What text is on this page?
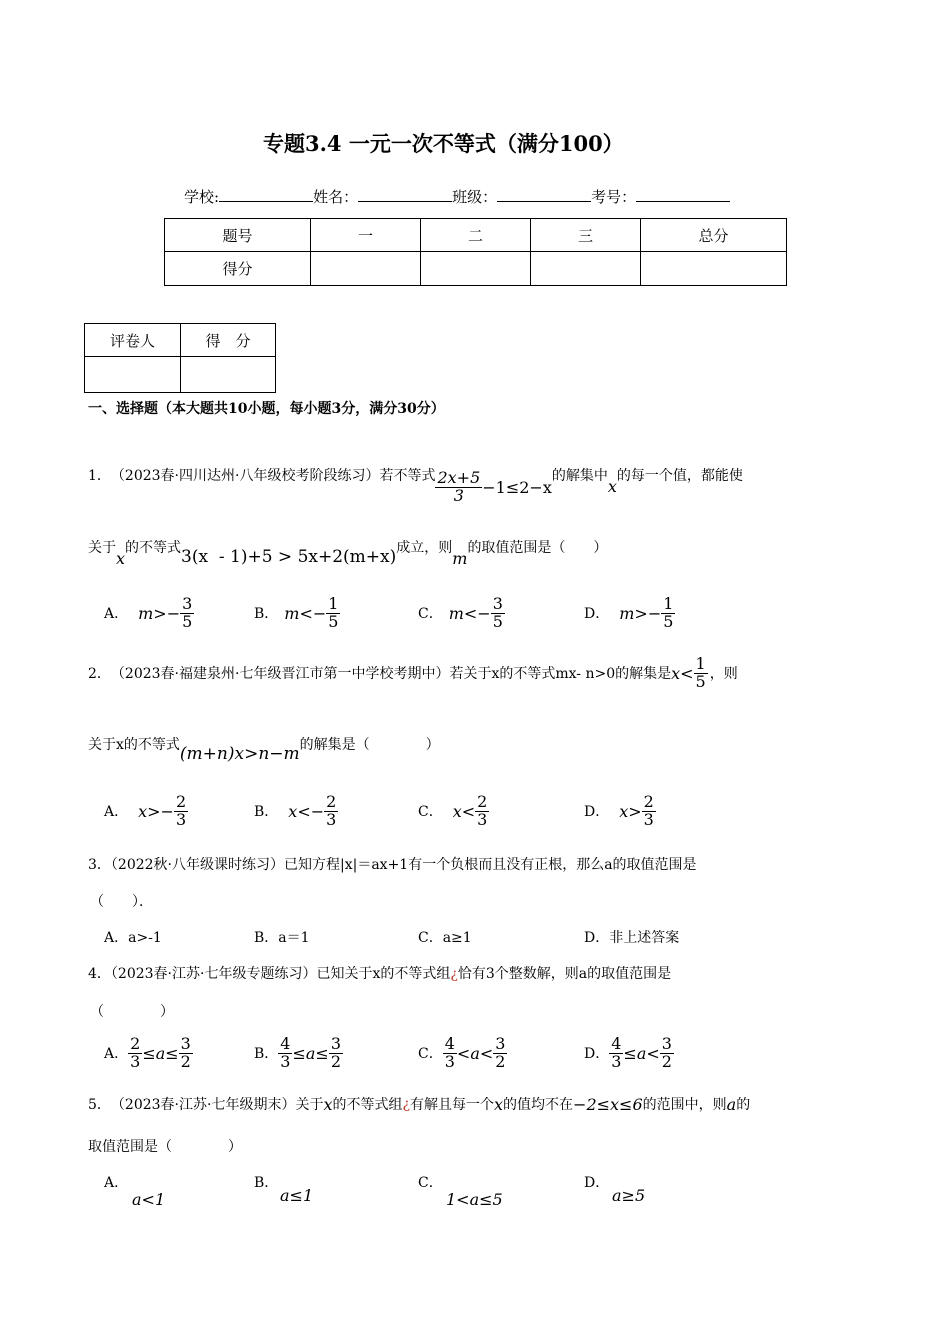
专题3.4 一元一次不等式（满分100）
学校:	姓名：	班级：	考号：
题号	一	二	三	总分
得分				
评卷人	得　分

一、选择题（本大题共10小题，每小题3分，满分30分）
1． （2023春·四川达州·八年级校考阶段练习）若不等式 $\frac{2x+5}{3} -1\le 2-x$
的解集中
x
的每一个值，都能使
关于
x
的不等式 3(x  - 1)+5 > 5x+2(m+x) 成立，则
m
的取值范围是（　　）
A． $m>- \frac{3}{5}$	B． $m<- \frac{1}{5}$	C． $m<- \frac{3}{5}$	D． $m>- \frac{1}{5}$
2． （2023春·福建泉州·七年级晋江市第一中学校考期中）若关于x的不等式mx- n>0的解集是 $x< \frac{1}{5}$ ，则
关于x的不等式 (m+n)x>n−m 的解集是（　　　　）
A． $x>- \frac{2}{3}$	B． $x<- \frac{2}{3}$	C． $x< \frac{2}{3}$	D． $x> \frac{2}{3}$
3．（2022秋·八年级课时练习）已知方程|x|＝ax+1有一个负根而且没有正根，那么a的取值范围是
（　　）．
A．a>-1	B．a＝1	C．a≥1	D．非上述答案
4．（2023春·江苏·七年级专题练习）已知关于x的不等式组¿恰有3个整数解，则a的取值范围是
（　　　　）
A． $\frac{2}{3} \le a\le \frac{3}{2}$	B． $\frac{4}{3} \le a\le \frac{3}{2}$	C． $\frac{4}{3} <a< \frac{3}{2}$	D． $\frac{4}{3} \le a< \frac{3}{2}$
5． （2023春·江苏·七年级期末）关于 x 的不等式组 ¿ 有解且每一个 x 的值均不在 −2≤x≤6 的范围中，则 a 的
取值范围是（　　　　）
A．
a<1
B．
a≤1
C．
1<a≤5
D．
a≥5
